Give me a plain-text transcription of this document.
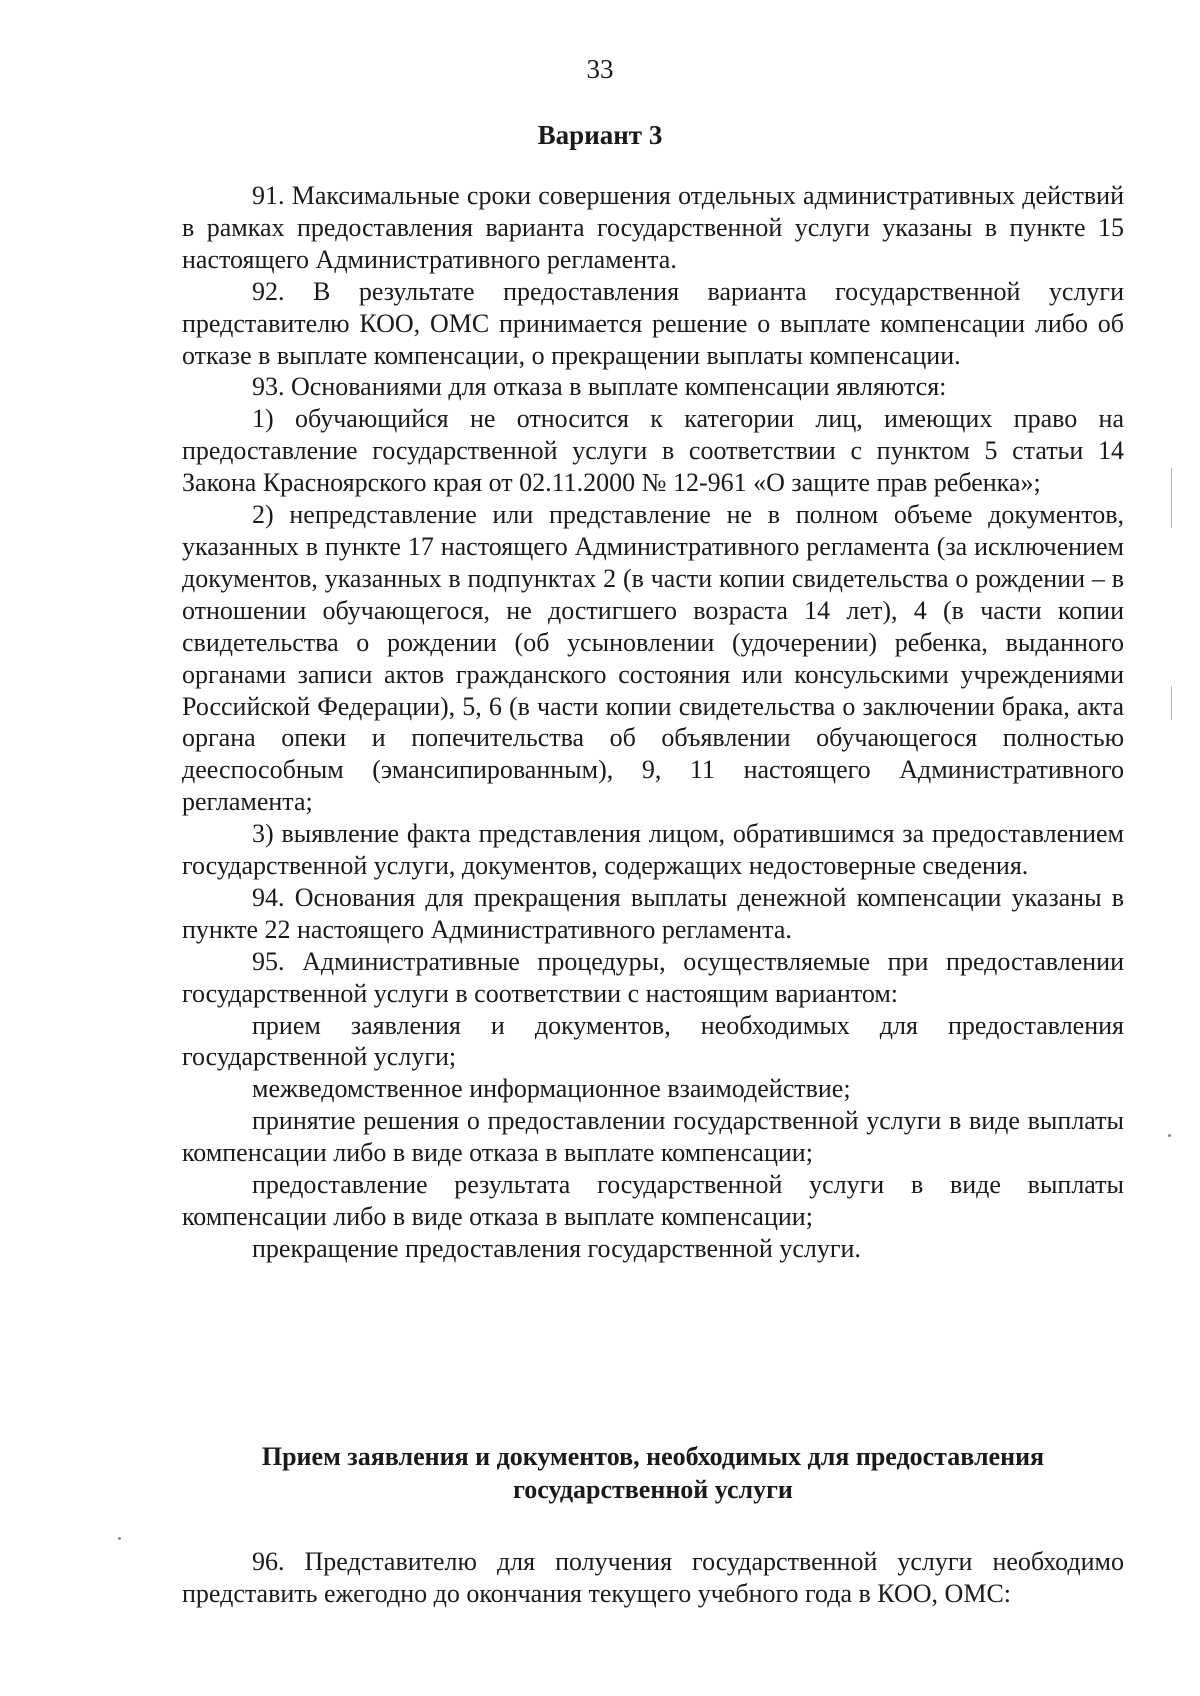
33
Вариант 3

91. Максимальные сроки совершения отдельных административных действий в рамках предоставления варианта государственной услуги указаны в пункте 15 настоящего Административного регламента.

92. В результате предоставления варианта государственной услуги представителю КОО, ОМС принимается решение о выплате компенсации либо об отказе в выплате компенсации, о прекращении выплаты компенсации.

93. Основаниями для отказа в выплате компенсации являются:

1) обучающийся не относится к категории лиц, имеющих право на предоставление государственной услуги в соответствии с пунктом 5 статьи 14 Закона Красноярского края от 02.11.2000 № 12-961 «О защите прав ребенка»;

2) непредставление или представление не в полном объеме документов, указанных в пункте 17 настоящего Административного регламента (за исключением документов, указанных в подпунктах 2 (в части копии свидетельства о рождении – в отношении обучающегося, не достигшего возраста 14 лет), 4 (в части копии свидетельства о рождении (об усыновлении (удочерении) ребенка, выданного органами записи актов гражданского состояния или консульскими учреждениями Российской Федерации), 5, 6 (в части копии свидетельства о заключении брака, акта органа опеки и попечительства об объявлении обучающегося полностью дееспособным (эмансипированным), 9, 11 настоящего Административного регламента;

3) выявление факта представления лицом, обратившимся за предоставлением государственной услуги, документов, содержащих недостоверные сведения.

94. Основания для прекращения выплаты денежной компенсации указаны в пункте 22 настоящего Административного регламента.

95. Административные процедуры, осуществляемые при предоставлении государственной услуги в соответствии с настоящим вариантом:

прием заявления и документов, необходимых для предоставления государственной услуги;

межведомственное информационное взаимодействие;

принятие решения о предоставлении государственной услуги в виде выплаты компенсации либо в виде отказа в выплате компенсации;

предоставление результата государственной услуги в виде выплаты компенсации либо в виде отказа в выплате компенсации;

прекращение предоставления государственной услуги.

Прием заявления и документов, необходимых для предоставления государственной услуги

96. Представителю для получения государственной услуги необходимо представить ежегодно до окончания текущего учебного года в КОО, ОМС:
